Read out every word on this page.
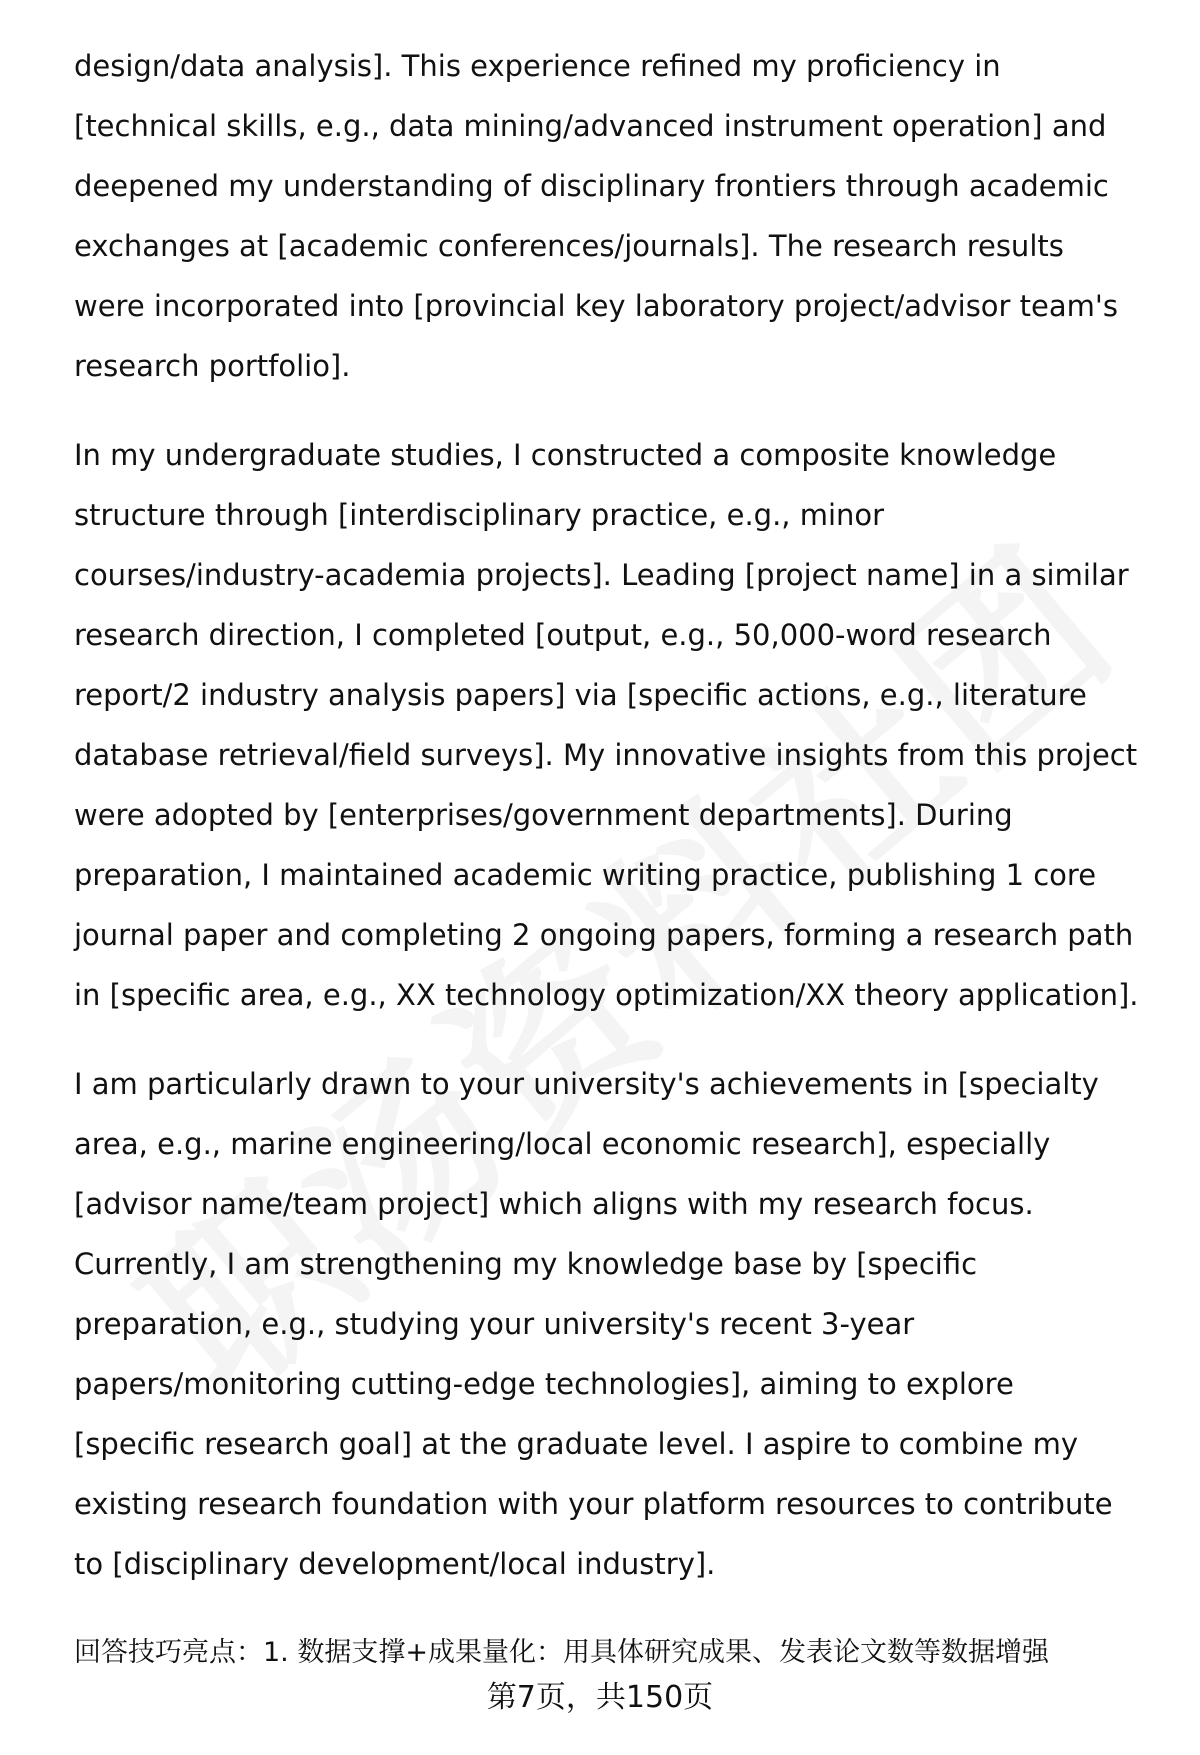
design/data analysis]. This experience refined my proficiency in [technical skills, e.g., data mining/advanced instrument operation] and deepened my understanding of disciplinary frontiers through academic exchanges at [academic conferences/journals]. The research results were incorporated into [provincial key laboratory project/advisor team's research portfolio].

In my undergraduate studies, I constructed a composite knowledge structure through [interdisciplinary practice, e.g., minor courses/industry-academia projects]. Leading [project name] in a similar research direction, I completed [output, e.g., 50,000-word research report/2 industry analysis papers] via [specific actions, e.g., literature database retrieval/field surveys]. My innovative insights from this project were adopted by [enterprises/government departments]. During preparation, I maintained academic writing practice, publishing 1 core journal paper and completing 2 ongoing papers, forming a research path in [specific area, e.g., XX technology optimization/XX theory application].

I am particularly drawn to your university's achievements in [specialty area, e.g., marine engineering/local economic research], especially [advisor name/team project] which aligns with my research focus. Currently, I am strengthening my knowledge base by [specific preparation, e.g., studying your university's recent 3-year papers/monitoring cutting-edge technologies], aiming to explore [specific research goal] at the graduate level. I aspire to combine my existing research foundation with your platform resources to contribute to [disciplinary development/local industry].

回答技巧亮点：1. 数据支撑+成果量化：用具体研究成果、发表论文数等数据增强

第7页，共150页
